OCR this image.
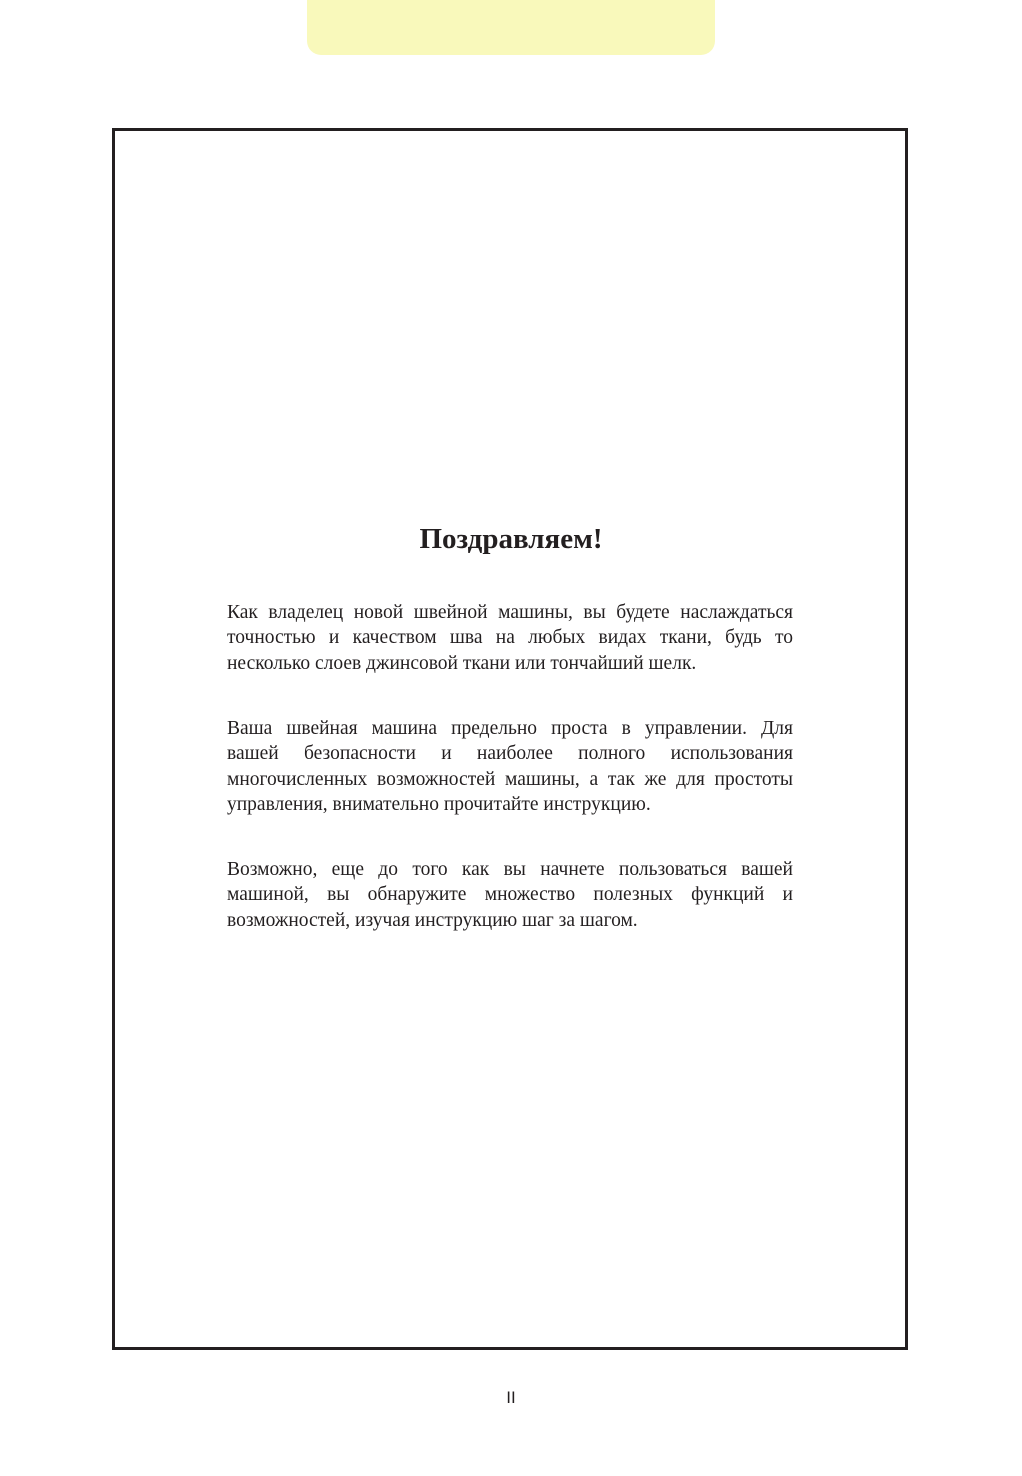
Поздравляем!
Как владелец новой швейной машины, вы будете наслаждаться
точностью и качеством шва на любых видах ткани, будь то
несколько слоев джинсовой ткани или тончайший шелк.
Ваша швейная машина предельно проста в управлении. Для
вашей безопасности и наиболее полного использования
многочисленных возможностей машины, а так же для простоты
управления, внимательно прочитайте инструкцию.
Возможно, еще до того как вы начнете пользоваться вашей
машиной, вы обнаружите множество полезных функций и
возможностей, изучая инструкцию шаг за шагом.
II
